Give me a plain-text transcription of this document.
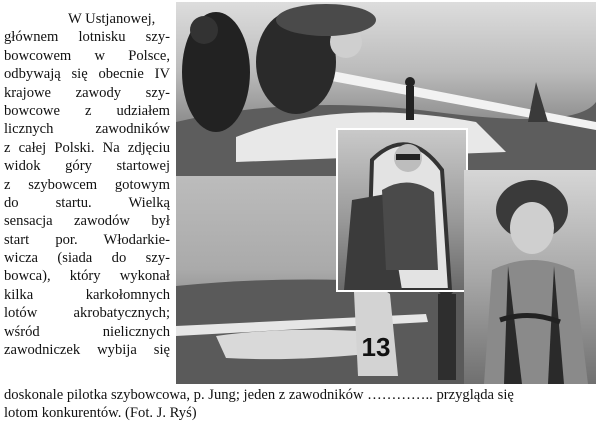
W Ustjanowej,
głównem lotnisku szy-
bowcowem w Polsce,
odbywają się obecnie IV
krajowe zawody szy-
bowcowe z udziałem
licznych zawodników
z całej Polski. Na zdjęciu
widok góry startowej
z szybowcem gotowym
do startu. Wielką
sensacja zawodów był
start por. Włodarkie-
wicza (siada do szy-
bowca), który wykonał
kilka karkołomnych
lotów akrobatycznych;
wśród nielicznych
zawodniczek wybija się	13
doskonale pilotka szybowcowa, p. Jung; jeden z zawodników ………….. przygląda się
lotom konkurentów. (Fot. J. Ryś)
